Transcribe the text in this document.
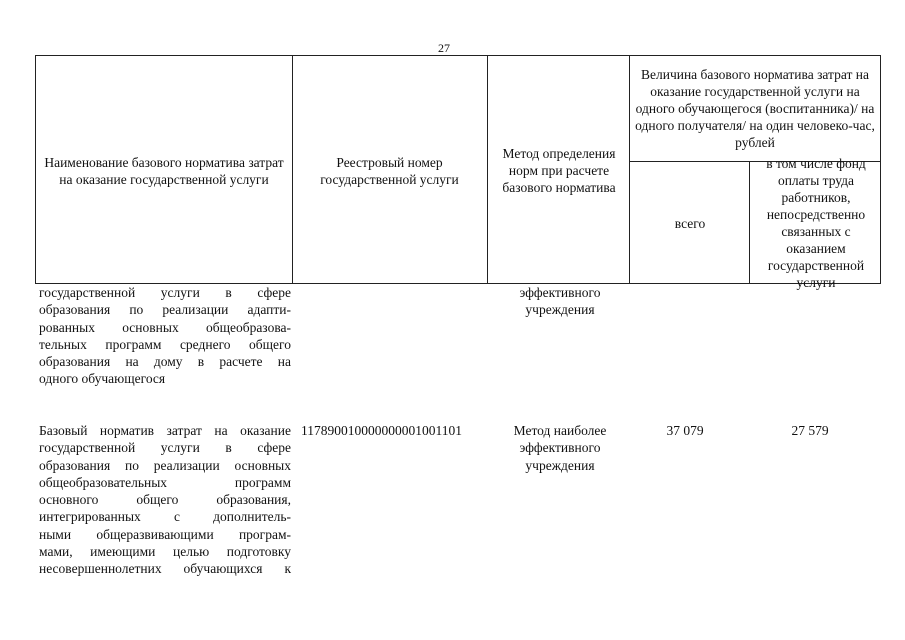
27
Наименование базового норматива затрат на оказание государственной услуги
Реестровый номер государственной услуги
Метод определения норм при расчете базового норматива
Величина базового норматива затрат на оказание государственной услуги на одного обучающегося (воспитанника)/ на одного получателя/ на один человеко-час, рублей
всего
в том числе фонд оплаты труда работников, непосредственно связанных с оказанием государственной услуги
государственной услуги в сфере
образования по реализации адапти-
рованных основных общеобразова-
тельных программ среднего общего
образования на дому в расчете на
одного обучающегося
эффективного
учреждения
Базовый норматив затрат на оказание
государственной услуги в сфере
образования по реализации основных
общеобразовательных программ
основного общего образования,
интегрированных с дополнитель-
ными общеразвивающими програм-
мами, имеющими целью подготовку
несовершеннолетних обучающихся к
117890010000000001001101	Метод наиболее
эффективного
учреждения
37 079	27 579
